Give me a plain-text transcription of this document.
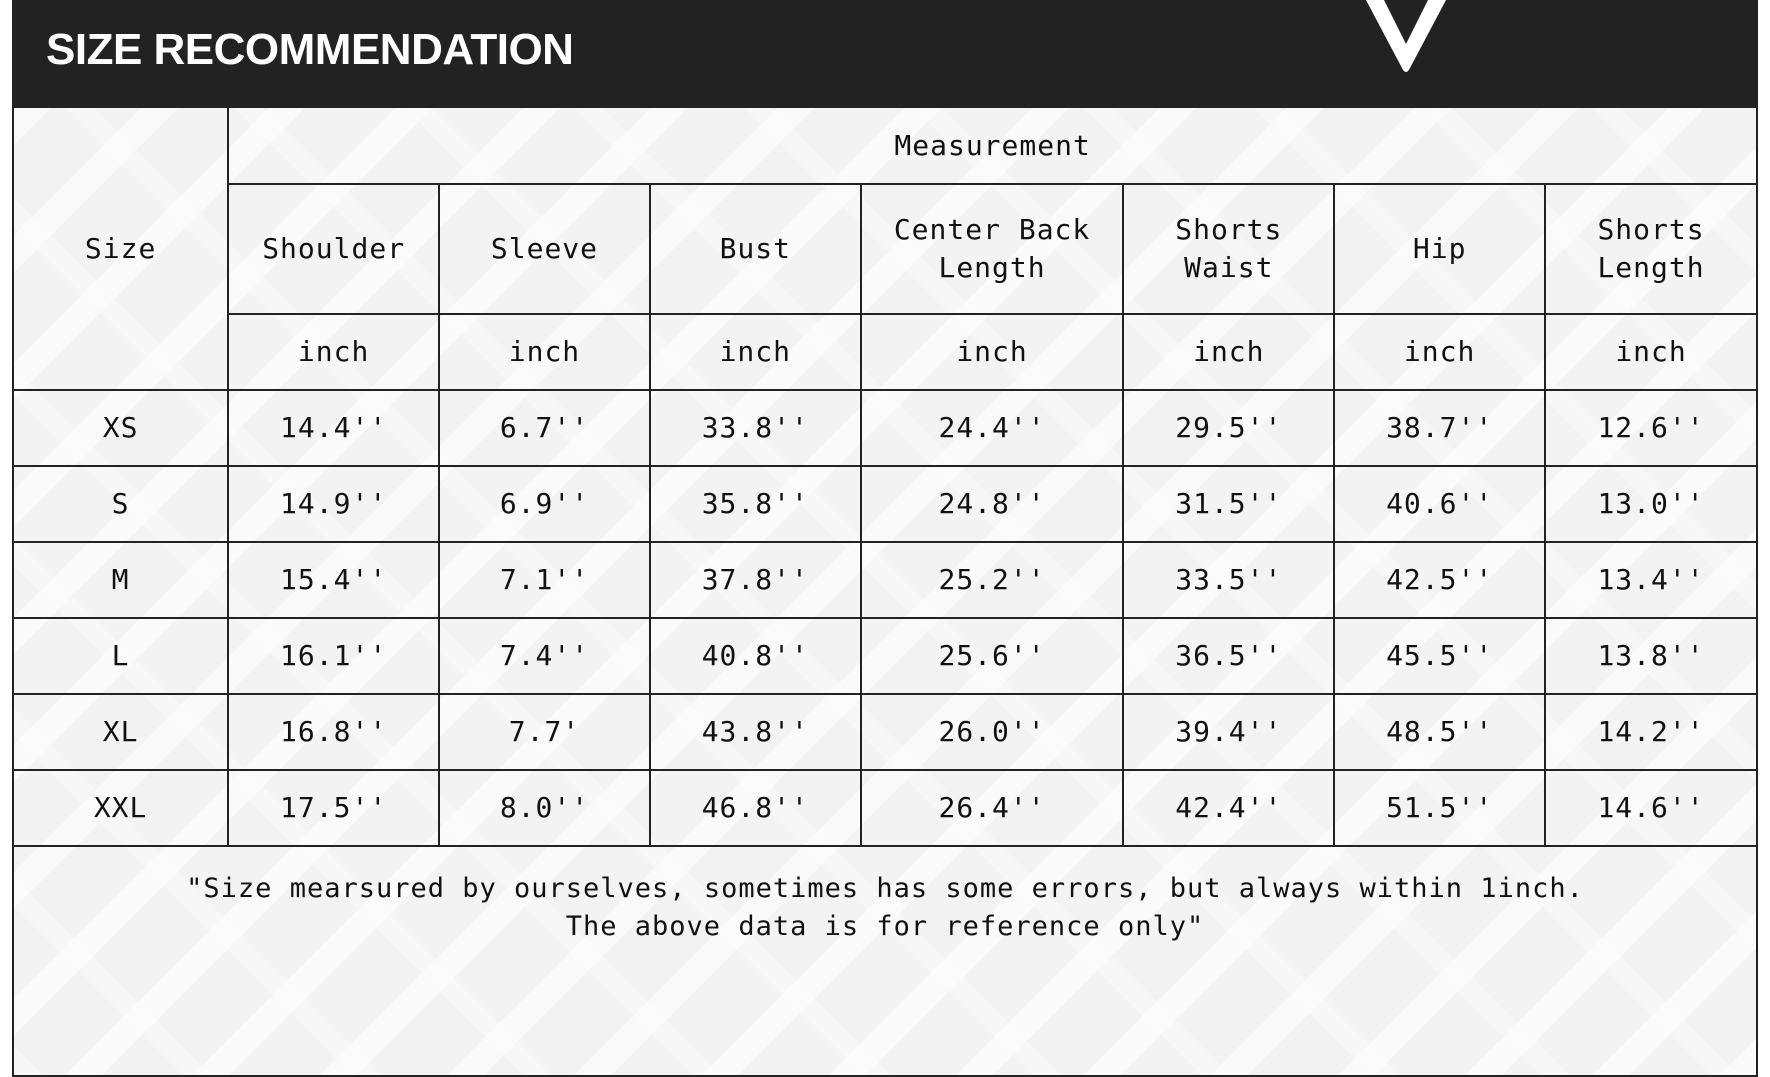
SIZE RECOMMENDATION
Size	Measurement						
	Shoulder	Sleeve	Bust	Center Back Length	Shorts Waist	Hip	Shorts Length
	inch	inch	inch	inch	inch	inch	inch
XS	14.4''	6.7''	33.8''	24.4''	29.5''	38.7''	12.6''
S	14.9''	6.9''	35.8''	24.8''	31.5''	40.6''	13.0''
M	15.4''	7.1''	37.8''	25.2''	33.5''	42.5''	13.4''
L	16.1''	7.4''	40.8''	25.6''	36.5''	45.5''	13.8''
XL	16.8''	7.7'	43.8''	26.0''	39.4''	48.5''	14.2''
XXL	17.5''	8.0''	46.8''	26.4''	42.4''	51.5''	14.6''
"Size mearsured by ourselves, sometimes has some errors, but always within 1inch.
The above data is for reference only"
